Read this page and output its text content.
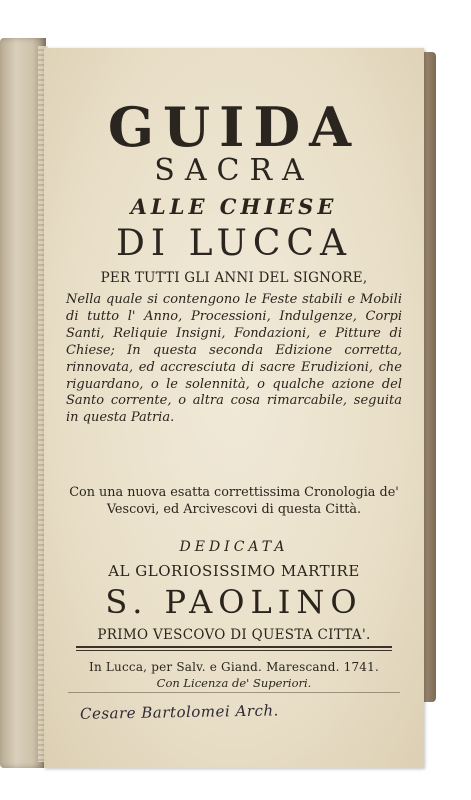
GUIDA
SACRA
ALLE CHIESE
DI LUCCA
PER TUTTI GLI ANNI DEL SIGNORE,
Nella quale si contengono le Feste stabili e Mobili di tutto l' Anno, Processioni, Indulgenze, Corpi Santi, Reliquie Insigni, Fondazioni, e Pitture di Chiese; In questa seconda Edizione corretta, rinnovata, ed accresciuta di sacre Erudizioni, che riguardano, o le solennità, o qualche azione del Santo corrente, o altra cosa rimarcabile, seguita in questa Patria.
Con una nuova esatta correttissima Cronologia de' Vescovi, ed Arcivescovi di questa Città.
DEDICATA
AL GLORIOSISSIMO MARTIRE
S. PAOLINO
PRIMO VESCOVO DI QUESTA CITTA'.
In Lucca, per Salv. e Giand. Marescand. 1741.
Con Licenza de' Superiori.
Cesare Bartolomei Arch.
